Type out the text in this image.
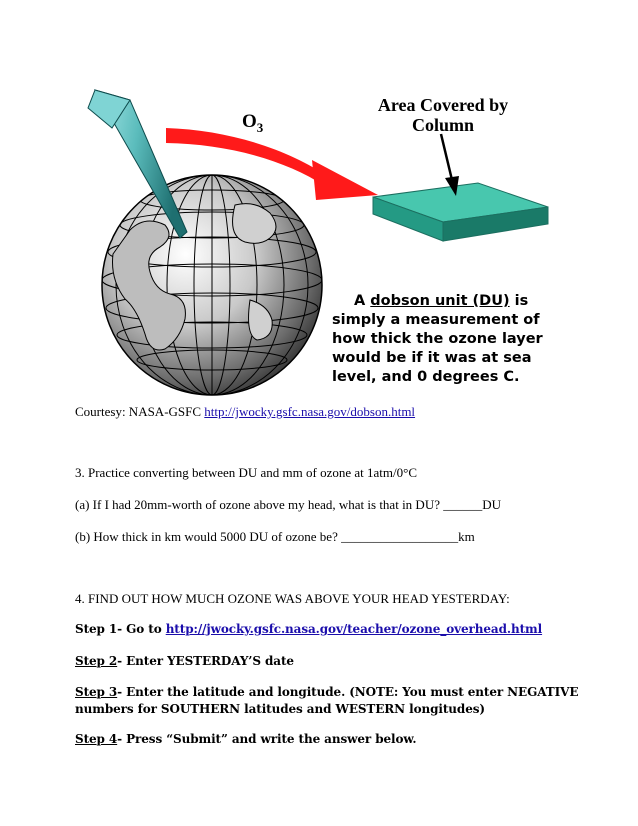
$O_3$
Area Covered by
Column
A dobson unit (DU) is
simply a measurement of
how thick the ozone layer
would be if it was at sea
level, and 0 degrees C.
Courtesy: NASA-GSFC http://jwocky.gsfc.nasa.gov/dobson.html
3. Practice converting between DU and mm of ozone at 1atm/0°C
(a) If I had 20mm-worth of ozone above my head, what is that in DU? ______DU
(b) How thick in km would 5000 DU of ozone be? __________________km
4. FIND OUT HOW MUCH OZONE WAS ABOVE YOUR HEAD YESTERDAY:
Step 1- Go to http://jwocky.gsfc.nasa.gov/teacher/ozone_overhead.html
Step 2- Enter YESTERDAY’S date
Step 3- Enter the latitude and longitude. (NOTE: You must enter NEGATIVE
numbers for SOUTHERN latitudes and WESTERN longitudes)
Step 4- Press “Submit” and write the answer below.
